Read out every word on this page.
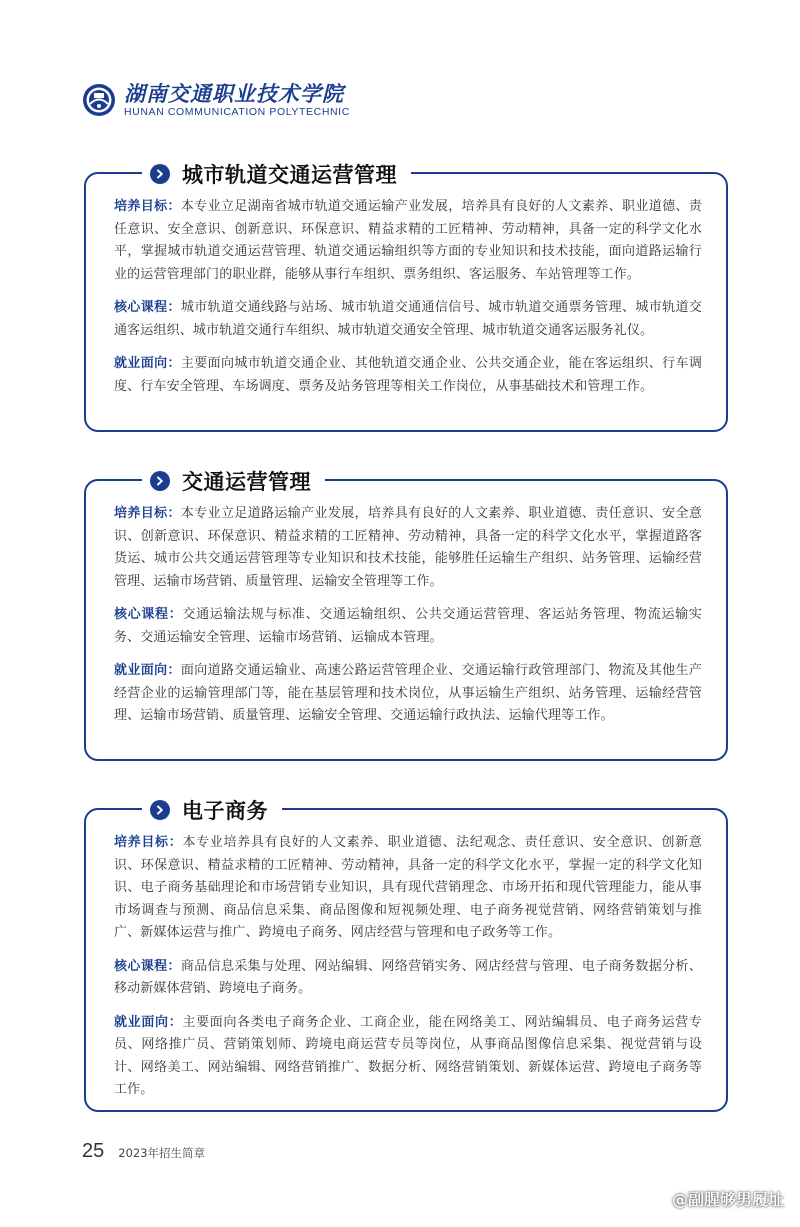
湖南交通职业技术学院
HUNAN COMMUNICATION POLYTECHNIC
城市轨道交通运营管理

培养目标：本专业立足湖南省城市轨道交通运输产业发展，培养具有良好的人文素养、职业道德、责任意识、安全意识、创新意识、环保意识、精益求精的工匠精神、劳动精神，具备一定的科学文化水平，掌握城市轨道交通运营管理、轨道交通运输组织等方面的专业知识和技术技能，面向道路运输行业的运营管理部门的职业群，能够从事行车组织、票务组织、客运服务、车站管理等工作。

核心课程：城市轨道交通线路与站场、城市轨道交通通信信号、城市轨道交通票务管理、城市轨道交通客运组织、城市轨道交通行车组织、城市轨道交通安全管理、城市轨道交通客运服务礼仪。

就业面向：主要面向城市轨道交通企业、其他轨道交通企业、公共交通企业，能在客运组织、行车调度、行车安全管理、车场调度、票务及站务管理等相关工作岗位，从事基础技术和管理工作。

交通运营管理

培养目标：本专业立足道路运输产业发展，培养具有良好的人文素养、职业道德、责任意识、安全意识、创新意识、环保意识、精益求精的工匠精神、劳动精神，具备一定的科学文化水平，掌握道路客货运、城市公共交通运营管理等专业知识和技术技能，能够胜任运输生产组织、站务管理、运输经营管理、运输市场营销、质量管理、运输安全管理等工作。

核心课程：交通运输法规与标准、交通运输组织、公共交通运营管理、客运站务管理、物流运输实务、交通运输安全管理、运输市场营销、运输成本管理。

就业面向：面向道路交通运输业、高速公路运营管理企业、交通运输行政管理部门、物流及其他生产经营企业的运输管理部门等，能在基层管理和技术岗位，从事运输生产组织、站务管理、运输经营管理、运输市场营销、质量管理、运输安全管理、交通运输行政执法、运输代理等工作。

电子商务

培养目标：本专业培养具有良好的人文素养、职业道德、法纪观念、责任意识、安全意识、创新意识、环保意识、精益求精的工匠精神、劳动精神，具备一定的科学文化水平，掌握一定的科学文化知识、电子商务基础理论和市场营销专业知识，具有现代营销理念、市场开拓和现代管理能力，能从事市场调查与预测、商品信息采集、商品图像和短视频处理、电子商务视觉营销、网络营销策划与推广、新媒体运营与推广、跨境电子商务、网店经营与管理和电子政务等工作。

核心课程：商品信息采集与处理、网站编辑、网络营销实务、网店经营与管理、电子商务数据分析、移动新媒体营销、跨境电子商务。

就业面向：主要面向各类电子商务企业、工商企业，能在网络美工、网站编辑员、电子商务运营专员、网络推广员、营销策划师、跨境电商运营专员等岗位，从事商品图像信息采集、视觉营销与设计、网络美工、网站编辑、网络营销推广、数据分析、网络营销策划、新媒体运营、跨境电子商务等工作。

25 2023年招生简章
@副腥够男履址
